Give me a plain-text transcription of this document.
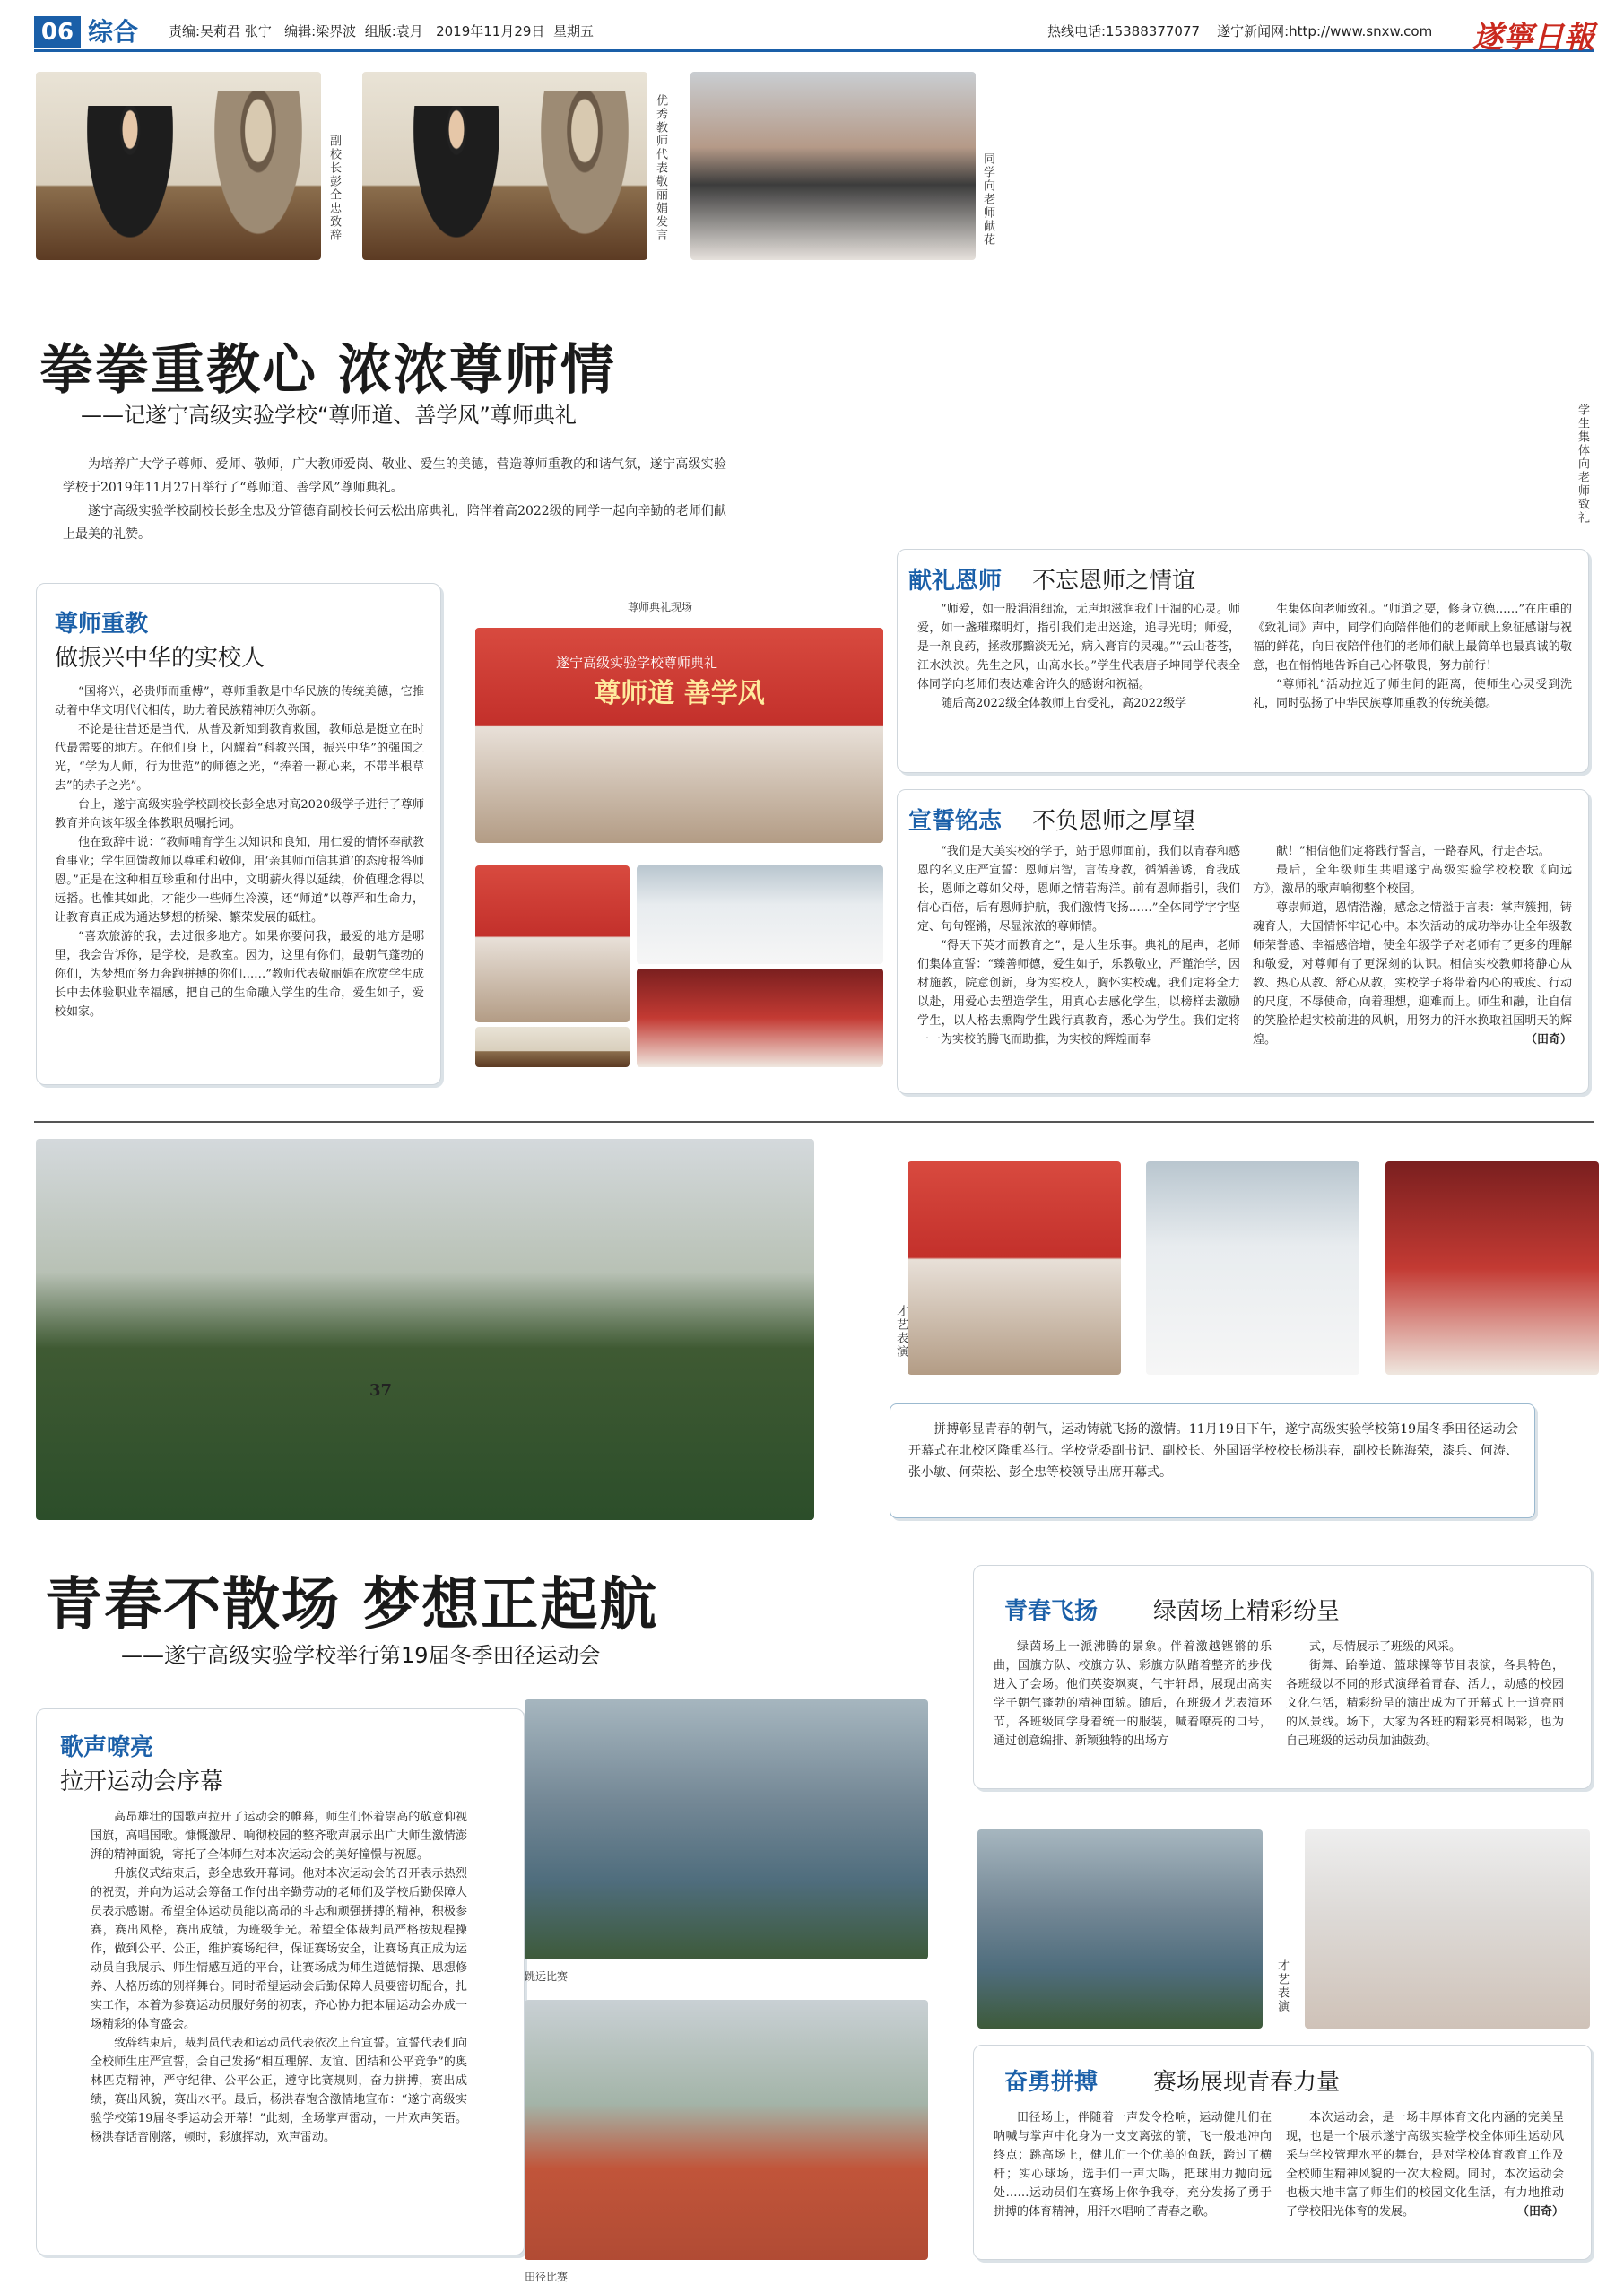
06 综合 责编:吴莉君 张宁   编辑:梁界波  组版:袁月   2019年11月29日  星期五	热线电话:15388377077    遂宁新闻网:http://www.snxw.com 遂寧日報
副校长彭全忠致辞	优秀教师代表敬丽娟发言	同学向老师献花
学生集体向老师致礼
拳拳重教心 浓浓尊师情
——记遂宁高级实验学校“尊师道、善学风”尊师典礼

为培养广大学子尊师、爱师、敬师，广大教师爱岗、敬业、爱生的美德，营造尊师重教的和谐气氛，遂宁高级实验学校于2019年11月27日举行了“尊师道、善学风”尊师典礼。

遂宁高级实验学校副校长彭全忠及分管德育副校长何云松出席典礼，陪伴着高2022级的同学一起向辛勤的老师们献上最美的礼赞。

尊师重教
做振兴中华的实校人

“国将兴，必贵师而重傅”，尊师重教是中华民族的传统美德，它推动着中华文明代代相传，助力着民族精神历久弥新。

不论是往昔还是当代，从普及新知到教育救国，教师总是挺立在时代最需要的地方。在他们身上，闪耀着“科教兴国，振兴中华”的强国之光，“学为人师，行为世范”的师德之光，“捧着一颗心来，不带半根草去”的赤子之光”。

台上，遂宁高级实验学校副校长彭全忠对高2020级学子进行了尊师教育并向该年级全体教职员嘱托词。

他在致辞中说：“教师哺育学生以知识和良知，用仁爱的情怀奉献教育事业；学生回馈教师以尊重和敬仰，用‘亲其师而信其道’的态度报答师恩。”正是在这种相互珍重和付出中，文明薪火得以延续，价值理念得以远播。也惟其如此，才能少一些师生冷漠，还“师道”以尊严和生命力，让教育真正成为通达梦想的桥梁、繁荣发展的砥柱。

“喜欢旅游的我，去过很多地方。如果你要问我，最爱的地方是哪里，我会告诉你，是学校，是教室。因为，这里有你们，最朝气蓬勃的你们，为梦想而努力奔跑拼搏的你们……”教师代表敬丽娟在欣赏学生成长中去体验职业幸福感，把自己的生命融入学生的生命，爱生如子，爱校如家。

尊师典礼现场
遂宁高级实验学校尊师典礼
尊师道 善学风
献礼恩师 不忘恩师之情谊

“师爱，如一股涓涓细流，无声地滋润我们干涸的心灵。师爱，如一盏璀璨明灯，指引我们走出迷途，追寻光明；师爱，是一剂良药，拯救那黯淡无光，病入膏肓的灵魂。”“云山苍苍，江水泱泱。先生之风，山高水长。”学生代表唐子坤同学代表全体同学向老师们表达难舍许久的感谢和祝福。

随后高2022级全体教师上台受礼，高2022级学

生集体向老师致礼。“师道之要，修身立德……”在庄重的《致礼词》声中，同学们向陪伴他们的老师献上象征感谢与祝福的鲜花，向日夜陪伴他们的老师们献上最简单也最真诚的敬意，也在悄悄地告诉自己心怀敬畏，努力前行！

“尊师礼”活动拉近了师生间的距离，使师生心灵受到洗礼，同时弘扬了中华民族尊师重教的传统美德。

宣誓铭志 不负恩师之厚望

“我们是大美实校的学子，站于恩师面前，我们以青春和感恩的名义庄严宣誓：恩师启智，言传身教，循循善诱，育我成长，恩师之尊如父母，恩师之情若海洋。前有恩师指引，我们信心百倍，后有恩师护航，我们激情飞扬……”全体同学字字坚定、句句铿锵，尽显浓浓的尊师情。

“得天下英才而教育之”，是人生乐事。典礼的尾声，老师们集体宣誓：“臻善师德，爱生如子，乐教敬业，严谨治学，因材施教，院意创新，身为实校人，胸怀实校魂。我们定将全力以赴，用爱心去塑造学生，用真心去感化学生，以榜样去激励学生，以人格去熏陶学生践行真教育，悉心为学生。我们定将一一为实校的腾飞而助推，为实校的辉煌而奉

献！”相信他们定将践行誓言，一路春风，行走杏坛。

最后，全年级师生共唱遂宁高级实验学校校歌《向远方》，激昂的歌声响彻整个校园。

尊崇师道，恩情浩瀚，感念之情溢于言表：掌声簇拥，铸魂育人，大国情怀牢记心中。本次活动的成功举办让全年级教师荣誉感、幸福感倍增，使全年级学子对老师有了更多的理解和敬爱，对尊师有了更深刻的认识。相信实校教师将静心从教、热心从教、舒心从教，实校学子将带着内心的戒度、行动的尺度，不辱使命，向着理想，迎难而上。师生和融，让自信的笑脸拾起实校前进的风帆，用努力的汗水换取祖国明天的辉煌。	（田奇）

37
才艺表演

拼搏彰显青春的朝气，运动铸就飞扬的激情。11月19日下午，遂宁高级实验学校第19届冬季田径运动会开幕式在北校区隆重举行。学校党委副书记、副校长、外国语学校校长杨洪春，副校长陈海荣，漆兵、何涛、张小敏、何荣松、彭全忠等校领导出席开幕式。

青春不散场 梦想正起航
——遂宁高级实验学校举行第19届冬季田径运动会
歌声嘹亮
拉开运动会序幕

高昂雄壮的国歌声拉开了运动会的帷幕，师生们怀着崇高的敬意仰视国旗，高唱国歌。慷慨激昂、响彻校园的整齐歌声展示出广大师生激情澎湃的精神面貌，寄托了全体师生对本次运动会的美好憧憬与祝愿。

升旗仪式结束后，彭全忠致开幕词。他对本次运动会的召开表示热烈的祝贺，并向为运动会筹备工作付出辛勤劳动的老师们及学校后勤保障人员表示感谢。希望全体运动员能以高昂的斗志和顽强拼搏的精神，积极参赛，赛出风格，赛出成绩，为班级争光。希望全体裁判员严格按规程操作，做到公平、公正，维护赛场纪律，保证赛场安全，让赛场真正成为运动员自我展示、师生情感互通的平台，让赛场成为师生道德情操、思想修养、人格历练的别样舞台。同时希望运动会后勤保障人员要密切配合，扎实工作，本着为参赛运动员服好务的初衷，齐心协力把本届运动会办成一场精彩的体育盛会。

致辞结束后，裁判员代表和运动员代表依次上台宣誓。宣誓代表们向全校师生庄严宣誓，会自己发扬“相互理解、友谊、团结和公平竞争”的奥林匹克精神，严守纪律、公平公正，遵守比赛规则，奋力拼搏，赛出成绩，赛出风貌，赛出水平。最后，杨洪春饱含激情地宣布：“遂宁高级实验学校第19届冬季运动会开幕！”此刻，全场掌声雷动，一片欢声笑语。杨洪春话音刚落，顿时，彩旗挥动，欢声雷动。

跳远比赛
田径比赛
青春飞扬 绿茵场上精彩纷呈

绿茵场上一派沸腾的景象。伴着激越铿锵的乐曲，国旗方队、校旗方队、彩旗方队踏着整齐的步伐进入了会场。他们英姿飒爽，气宇轩昂，展现出高实学子朝气蓬勃的精神面貌。随后，在班级才艺表演环节，各班级同学身着统一的服装，喊着嘹亮的口号，通过创意编排、新颖独特的出场方

式，尽情展示了班级的风采。

街舞、跆拳道、篮球操等节目表演，各具特色，各班级以不同的形式演绎着青春、活力，动感的校园文化生活，精彩纷呈的演出成为了开幕式上一道亮丽的风景线。场下，大家为各班的精彩亮相喝彩，也为自己班级的运动员加油鼓劲。

才艺表演
奋勇拼搏 赛场展现青春力量

田径场上，伴随着一声发令枪响，运动健儿们在呐喊与掌声中化身为一支支离弦的箭，飞一般地冲向终点；跳高场上，健儿们一个优美的鱼跃，跨过了横杆；实心球场，选手们一声大喝，把球用力抛向远处……运动员们在赛场上你争我夺，充分发扬了勇于拼搏的体育精神，用汗水唱响了青春之歌。

本次运动会，是一场丰厚体育文化内涵的完美呈现，也是一个展示遂宁高级实验学校全体师生运动风采与学校管理水平的舞台，是对学校体育教育工作及全校师生精神风貌的一次大检阅。同时，本次运动会也极大地丰富了师生们的校园文化生活，有力地推动了学校阳光体育的发展。	（田奇）
